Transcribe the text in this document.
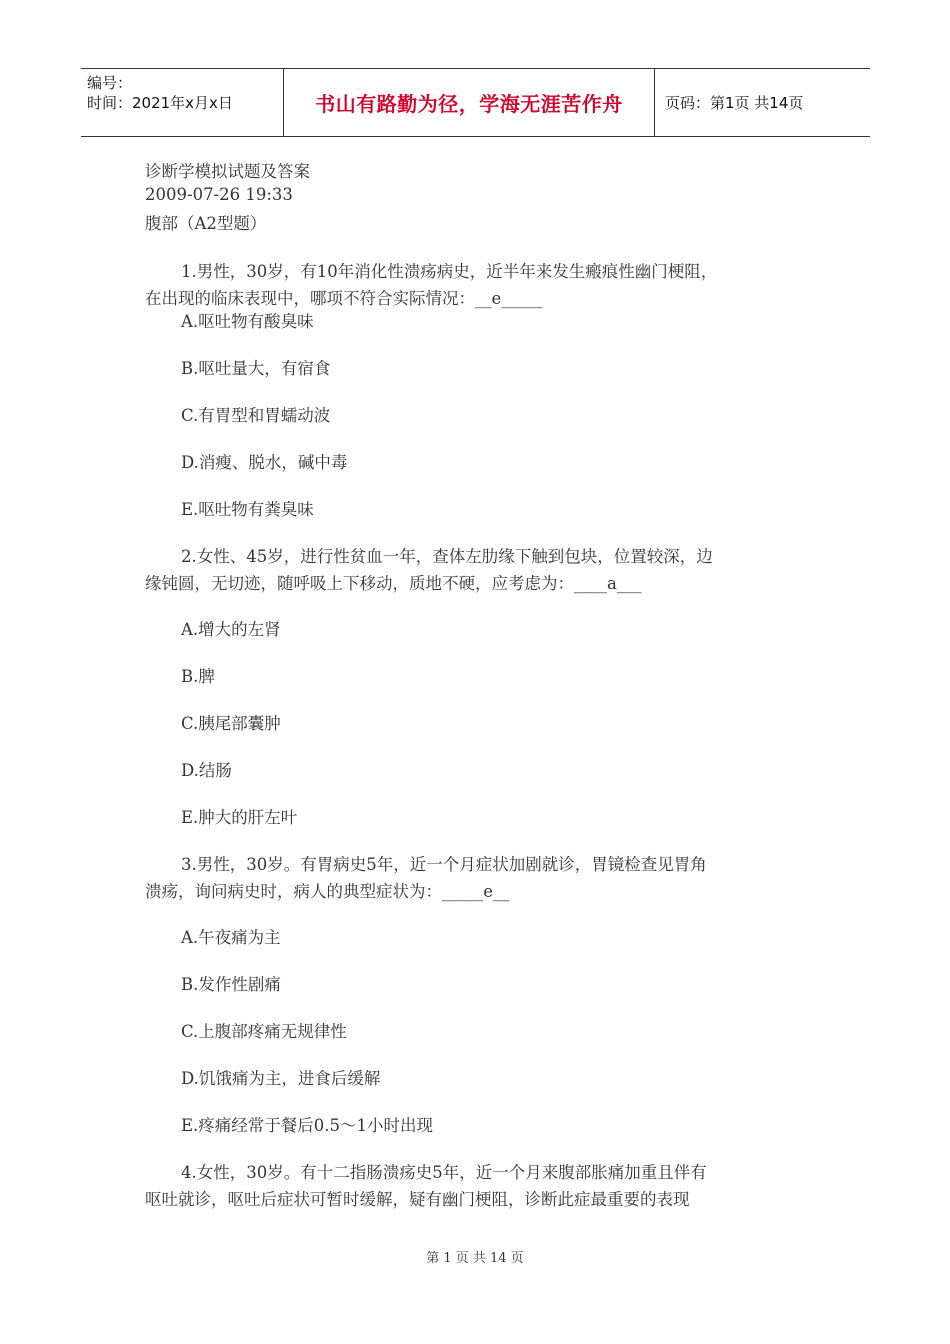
编号：
时间：2021年x月x日	书山有路勤为径，学海无涯苦作舟	页码：第1页 共14页
诊断学模拟试题及答案
2009-07-26 19:33
腹部（A2型题）
1.男性，30岁，有10年消化性溃疡病史，近半年来发生瘢痕性幽门梗阻，
在出现的临床表现中，哪项不符合实际情况：__e_____
A.呕吐物有酸臭味
B.呕吐量大，有宿食
C.有胃型和胃蠕动波
D.消瘦、脱水，碱中毒
E.呕吐物有粪臭味
2.女性、45岁，进行性贫血一年，查体左肋缘下触到包块，位置较深，边
缘钝圆，无切迹，随呼吸上下移动，质地不硬，应考虑为：____a___
A.增大的左肾
B.脾
C.胰尾部囊肿
D.结肠
E.肿大的肝左叶
3.男性，30岁。有胃病史5年，近一个月症状加剧就诊，胃镜检查见胃角
溃疡，询问病史时，病人的典型症状为：_____e__
A.午夜痛为主
B.发作性剧痛
C.上腹部疼痛无规律性
D.饥饿痛为主，进食后缓解
E.疼痛经常于餐后0.5～1小时出现
4.女性，30岁。有十二指肠溃疡史5年，近一个月来腹部胀痛加重且伴有
呕吐就诊，呕吐后症状可暂时缓解，疑有幽门梗阻，诊断此症最重要的表现
第 1 页 共 14 页
